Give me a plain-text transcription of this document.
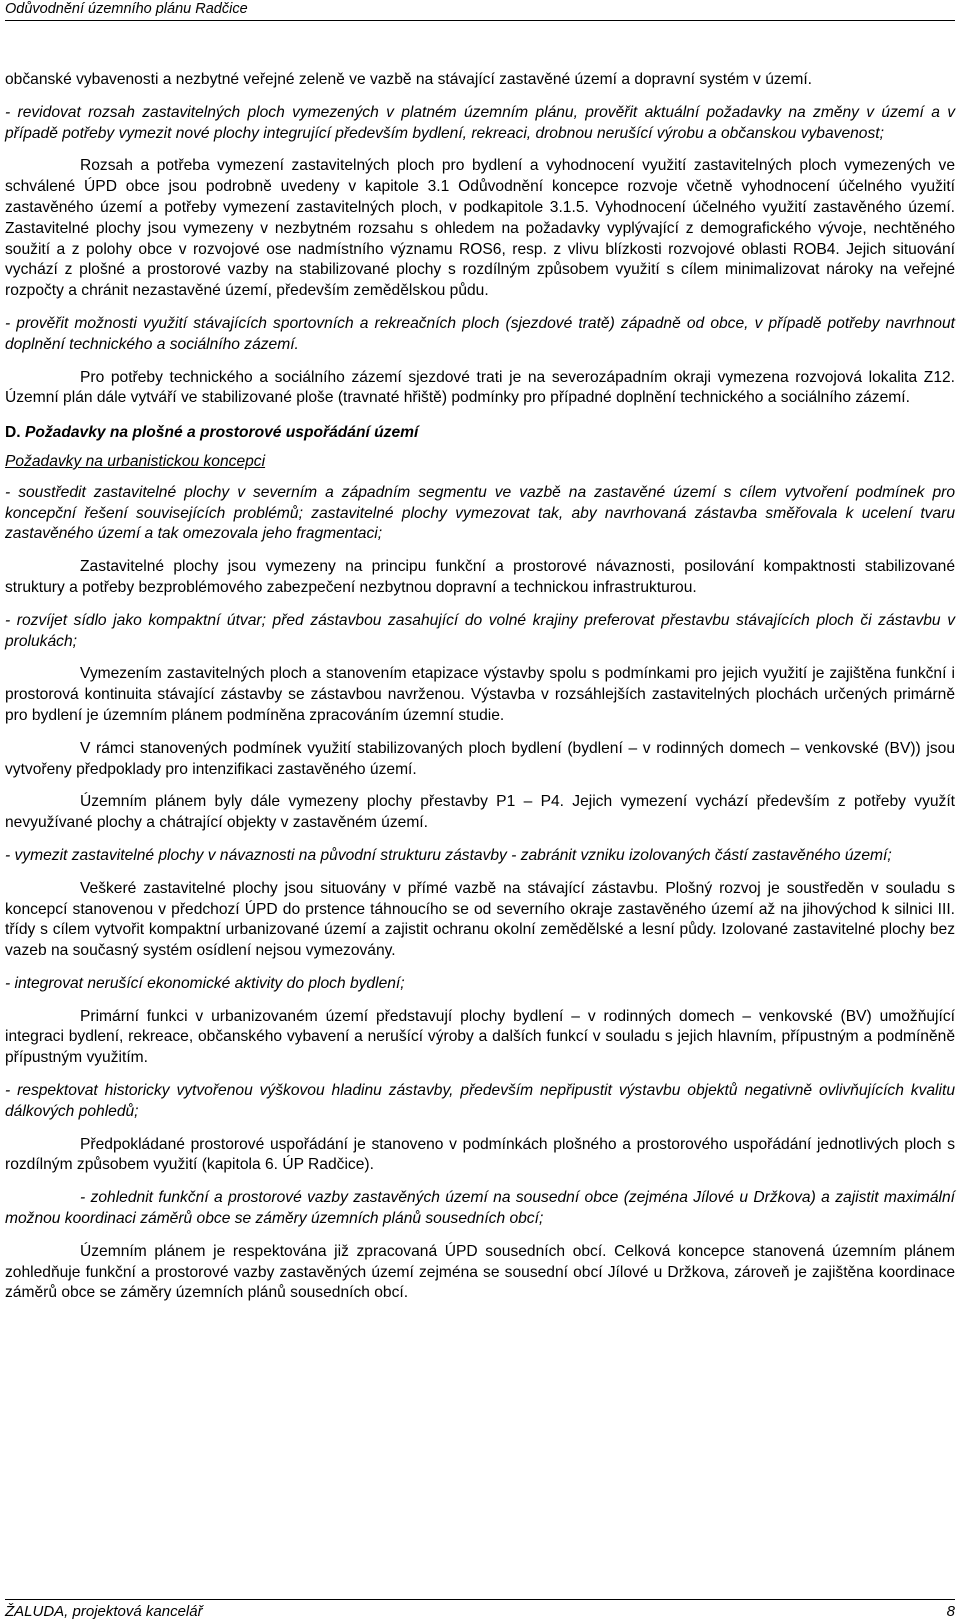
Odůvodnění územního plánu Radčice

občanské vybavenosti a nezbytné veřejné zeleně ve vazbě na stávající zastavěné území a dopravní systém v území.

- revidovat rozsah zastavitelných ploch vymezených v platném územním plánu, prověřit aktuální požadavky na změny v území a v případě potřeby vymezit nové plochy integrující především bydlení, rekreaci, drobnou nerušící výrobu a občanskou vybavenost;

Rozsah a potřeba vymezení zastavitelných ploch pro bydlení a vyhodnocení využití zastavitelných ploch vymezených ve schválené ÚPD obce jsou podrobně uvedeny v kapitole 3.1 Odůvodnění koncepce rozvoje včetně vyhodnocení účelného využití zastavěného území a potřeby vymezení zastavitelných ploch, v podkapitole 3.1.5. Vyhodnocení účelného využití zastavěného území. Zastavitelné plochy jsou vymezeny v nezbytném rozsahu s ohledem na požadavky vyplývající z demografického vývoje, nechtěného soužití a z polohy obce v rozvojové ose nadmístního významu ROS6, resp. z vlivu blízkosti rozvojové oblasti ROB4. Jejich situování vychází z plošné a prostorové vazby na stabilizované plochy s rozdílným způsobem využití s cílem minimalizovat nároky na veřejné rozpočty a chránit nezastavěné území, především zemědělskou půdu.

- prověřit možnosti využití stávajících sportovních a rekreačních ploch (sjezdové tratě) západně od obce, v případě potřeby navrhnout doplnění technického a sociálního zázemí.

Pro potřeby technického a sociálního zázemí sjezdové trati je na severozápadním okraji vymezena rozvojová lokalita Z12. Územní plán dále vytváří ve stabilizované ploše (travnaté hřiště) podmínky pro případné doplnění technického a sociálního zázemí.

D. Požadavky na plošné a prostorové uspořádání území

Požadavky na urbanistickou koncepci

- soustředit zastavitelné plochy v severním a západním segmentu ve vazbě na zastavěné území s cílem vytvoření podmínek pro koncepční řešení souvisejících problémů; zastavitelné plochy vymezovat tak, aby navrhovaná zástavba směřovala k ucelení tvaru zastavěného území a tak omezovala jeho fragmentaci;

Zastavitelné plochy jsou vymezeny na principu funkční a prostorové návaznosti, posilování kompaktnosti stabilizované struktury a potřeby bezproblémového zabezpečení nezbytnou dopravní a technickou infrastrukturou.

- rozvíjet sídlo jako kompaktní útvar; před zástavbou zasahující do volné krajiny preferovat přestavbu stávajících ploch či zástavbu v prolukách;

Vymezením zastavitelných ploch a stanovením etapizace výstavby spolu s podmínkami pro jejich využití je zajištěna funkční i prostorová kontinuita stávající zástavby se zástavbou navrženou. Výstavba v rozsáhlejších zastavitelných plochách určených primárně pro bydlení je územním plánem podmíněna zpracováním územní studie.

V rámci stanovených podmínek využití stabilizovaných ploch bydlení (bydlení – v rodinných domech – venkovské (BV)) jsou vytvořeny předpoklady pro intenzifikaci zastavěného území.

Územním plánem byly dále vymezeny plochy přestavby P1 – P4. Jejich vymezení vychází především z potřeby využít nevyužívané plochy a chátrající objekty v zastavěném území.

- vymezit zastavitelné plochy v návaznosti na původní strukturu zástavby - zabránit vzniku izolovaných částí zastavěného území;

Veškeré zastavitelné plochy jsou situovány v přímé vazbě na stávající zástavbu. Plošný rozvoj je soustředěn v souladu s koncepcí stanovenou v předchozí ÚPD do prstence táhnoucího se od severního okraje zastavěného území až na jihovýchod k silnici III. třídy s cílem vytvořit kompaktní urbanizované území a zajistit ochranu okolní zemědělské a lesní půdy. Izolované zastavitelné plochy bez vazeb na současný systém osídlení nejsou vymezovány.

- integrovat nerušící ekonomické aktivity do ploch bydlení;

Primární funkci v urbanizovaném území představují plochy bydlení – v rodinných domech – venkovské (BV) umožňující integraci bydlení, rekreace, občanského vybavení a nerušící výroby a dalších funkcí v souladu s jejich hlavním, přípustným a podmíněně přípustným využitím.

- respektovat historicky vytvořenou výškovou hladinu zástavby, především nepřipustit výstavbu objektů negativně ovlivňujících kvalitu dálkových pohledů;

Předpokládané prostorové uspořádání je stanoveno v podmínkách plošného a prostorového uspořádání jednotlivých ploch s rozdílným způsobem využití (kapitola 6. ÚP Radčice).

- zohlednit funkční a prostorové vazby zastavěných území na sousední obce (zejména Jílové u Držkova) a zajistit maximální možnou koordinaci záměrů obce se záměry územních plánů sousedních obcí;

Územním plánem je respektována již zpracovaná ÚPD sousedních obcí. Celková koncepce stanovená územním plánem zohledňuje funkční a prostorové vazby zastavěných území zejména se sousední obcí Jílové u Držkova, zároveň je zajištěna koordinace záměrů obce se záměry územních plánů sousedních obcí.

ŽALUDA, projektová kancelář	8
